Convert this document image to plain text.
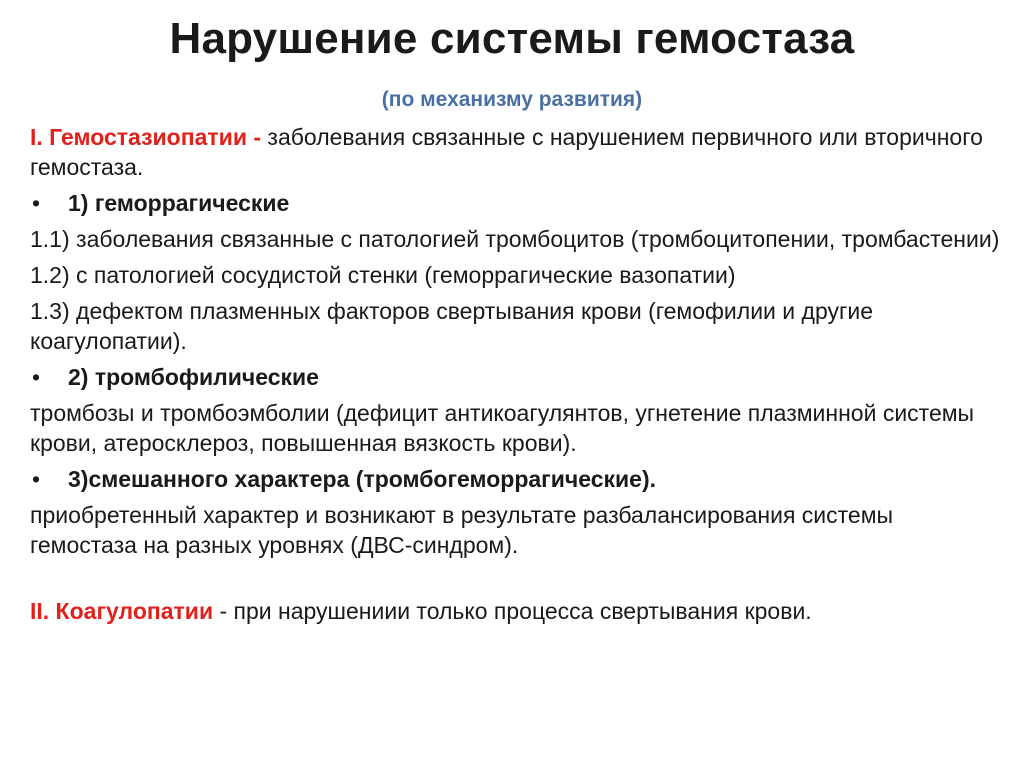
Нарушение системы гемостаза
(по механизму развития)

I. Гемостазиопатии - заболевания связанные с нарушением первичного или вторичного гемостаза.

• 1) геморрагические

1.1) заболевания связанные с патологией тромбоцитов (тромбоцитопении, тромбастении)

1.2) с патологией сосудистой стенки (геморрагические вазопатии)

1.3) дефектом плазменных факторов свертывания крови (гемофилии и другие коагулопатии).

• 2) тромбофилические

тромбозы и тромбоэмболии (дефицит антикоагулянтов, угнетение плазминной системы крови, атеросклероз, повышенная вязкость крови).

• 3)смешанного характера (тромбогеморрагические).

приобретенный характер и возникают в результате разбалансирования системы гемостаза на разных уровнях (ДВС-синдром).

II. Коагулопатии - при нарушениии только процесса свертывания крови.
